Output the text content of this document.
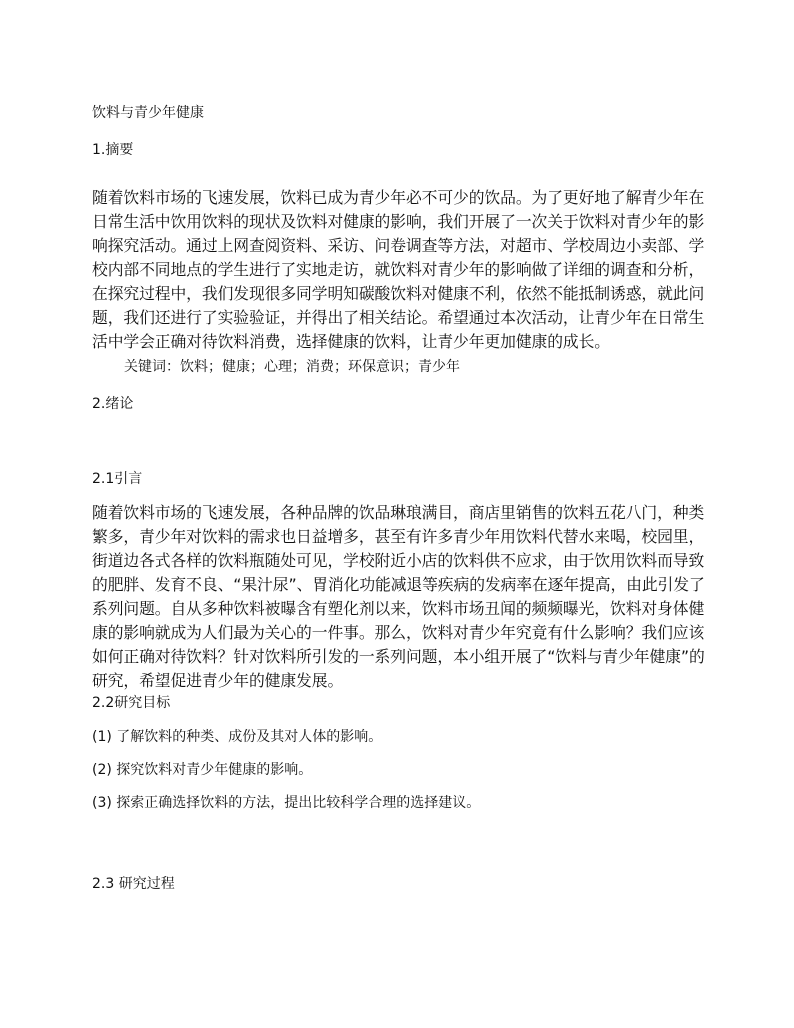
饮料与青少年健康
1.摘要
随着饮料市场的飞速发展，饮料已成为青少年必不可少的饮品。为了更好地了解青少年在
日常生活中饮用饮料的现状及饮料对健康的影响，我们开展了一次关于饮料对青少年的影
响探究活动。通过上网查阅资料、采访、问卷调查等方法，对超市、学校周边小卖部、学
校内部不同地点的学生进行了实地走访，就饮料对青少年的影响做了详细的调查和分析，
在探究过程中，我们发现很多同学明知碳酸饮料对健康不利，依然不能抵制诱惑，就此问
题，我们还进行了实验验证，并得出了相关结论。希望通过本次活动，让青少年在日常生
活中学会正确对待饮料消费，选择健康的饮料，让青少年更加健康的成长。
关键词：饮料；健康；心理；消费；环保意识；青少年
2.绪论
2.1引言
随着饮料市场的飞速发展，各种品牌的饮品琳琅满目，商店里销售的饮料五花八门，种类
繁多，青少年对饮料的需求也日益增多，甚至有许多青少年用饮料代替水来喝，校园里，
街道边各式各样的饮料瓶随处可见，学校附近小店的饮料供不应求，由于饮用饮料而导致
的肥胖、发育不良、“果汁尿”、胃消化功能减退等疾病的发病率在逐年提高，由此引发了
系列问题。自从多种饮料被曝含有塑化剂以来，饮料市场丑闻的频频曝光，饮料对身体健
康的影响就成为人们最为关心的一件事。那么，饮料对青少年究竟有什么影响？我们应该
如何正确对待饮料？针对饮料所引发的一系列问题，本小组开展了“饮料与青少年健康”的
研究，希望促进青少年的健康发展。
2.2研究目标
(1) 了解饮料的种类、成份及其对人体的影响。
(2) 探究饮料对青少年健康的影响。
(3) 探索正确选择饮料的方法，提出比较科学合理的选择建议。
2.3 研究过程
